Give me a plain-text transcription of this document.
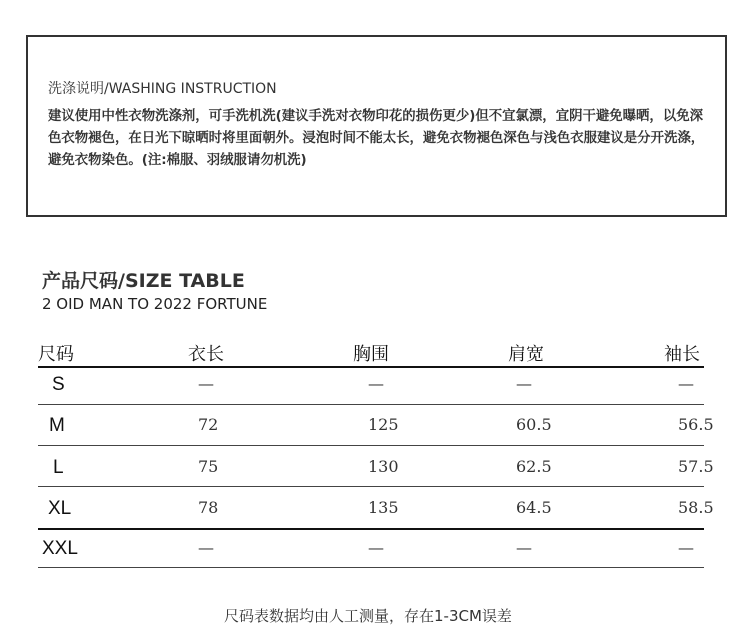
洗涤说明/WASHING INSTRUCTION
建议使用中性衣物洗涤剂，可手洗机洗(建议手洗对衣物印花的损伤更少)但不宜氯漂，宜阴干避免曝晒，以免深色衣物褪色，在日光下晾晒时将里面朝外。浸泡时间不能太长，避免衣物褪色深色与浅色衣服建议是分开洗涤，避免衣物染色。(注:棉服、羽绒服请勿机洗)
产品尺码/SIZE TABLE
2 OID MAN TO 2022 FORTUNE
尺码	衣长	胸围	肩宽	袖长
S	—	—	—	—
M	72	125	60.5	56.5
L	75	130	62.5	57.5
XL	78	135	64.5	58.5
XXL	—	—	—	—
尺码表数据均由人工测量，存在1-3CM误差
